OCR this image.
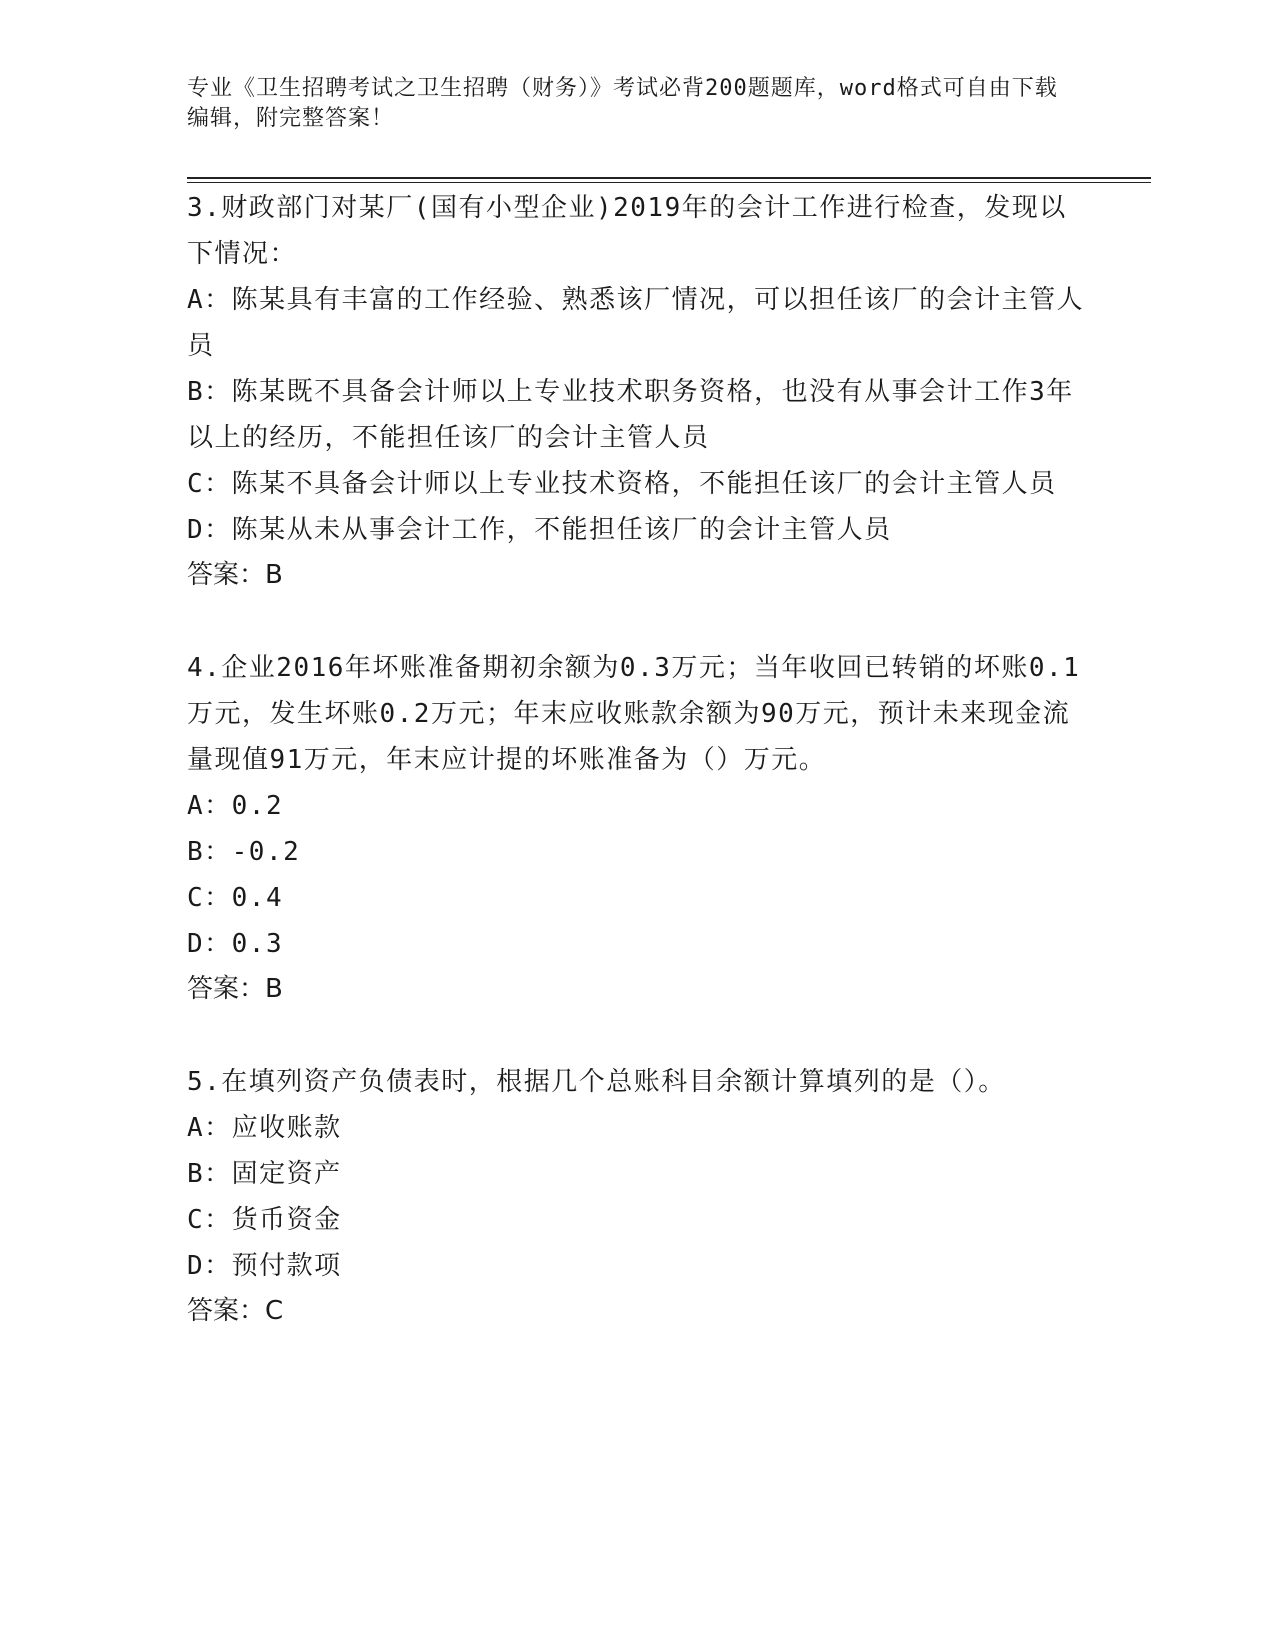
专业《卫生招聘考试之卫生招聘（财务）》考试必背200题题库，word格式可自由下载编辑，附完整答案！

3.财政部门对某厂(国有小型企业)2019年的会计工作进行检查，发现以下情况：

A：陈某具有丰富的工作经验、熟悉该厂情况，可以担任该厂的会计主管人员

B：陈某既不具备会计师以上专业技术职务资格，也没有从事会计工作3年以上的经历，不能担任该厂的会计主管人员

C：陈某不具备会计师以上专业技术资格，不能担任该厂的会计主管人员

D：陈某从未从事会计工作，不能担任该厂的会计主管人员

答案：B

4.企业2016年坏账准备期初余额为0.3万元；当年收回已转销的坏账0.1万元，发生坏账0.2万元；年末应收账款余额为90万元，预计未来现金流量现值91万元，年末应计提的坏账准备为（）万元。

A：0.2

B：-0.2

C：0.4

D：0.3

答案：B

5.在填列资产负债表时，根据几个总账科目余额计算填列的是（）。

A：应收账款

B：固定资产

C：货币资金

D：预付款项

答案：C
